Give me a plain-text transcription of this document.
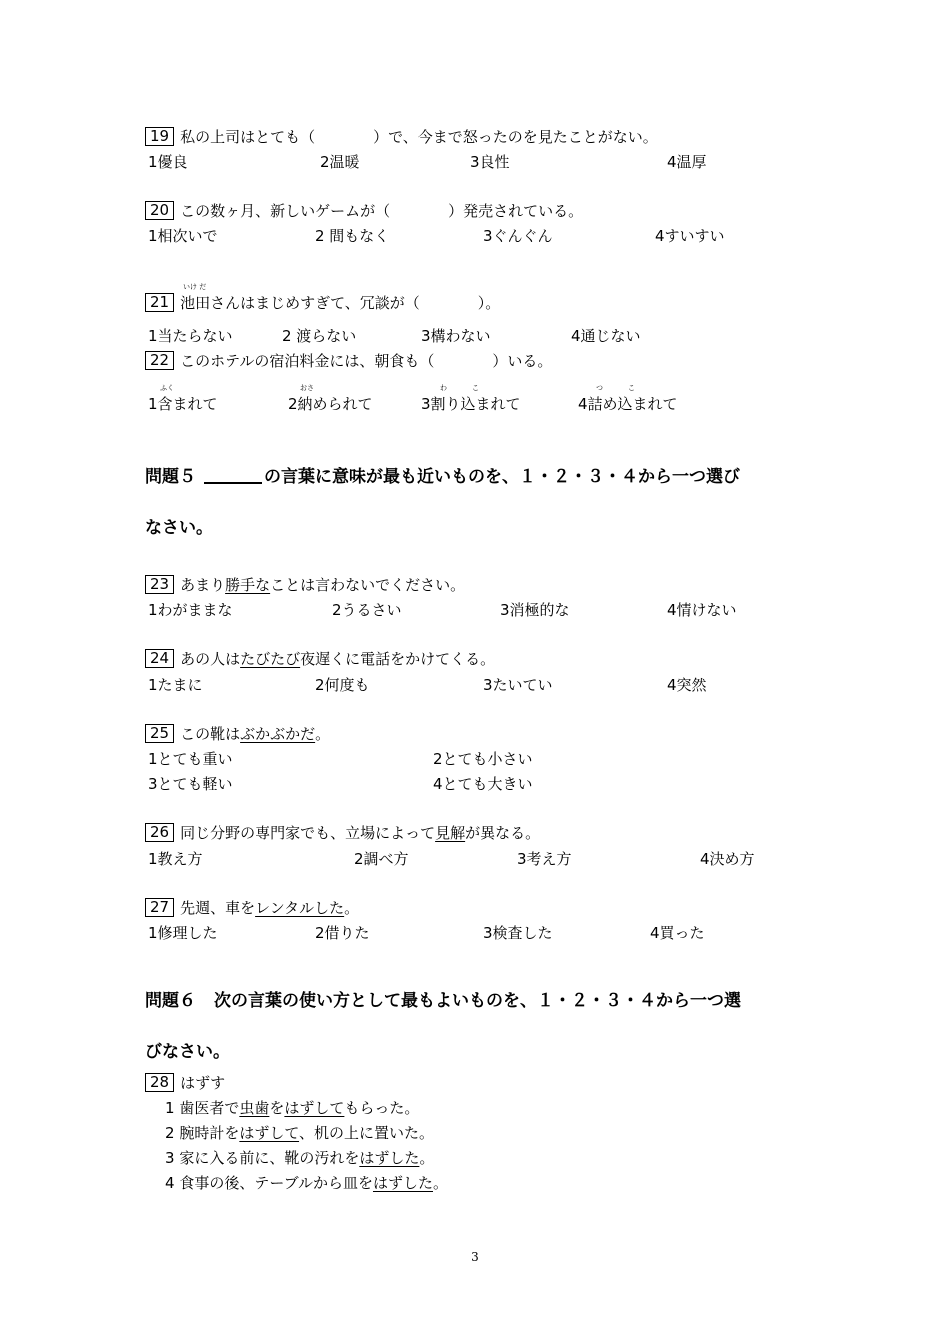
19 私の上司はとても（	）で、今まで怒ったのを見たことがない。
1優良	2温暖	3良性	4温厚
20 この数ヶ月、新しいゲームが（	）発売されている。
1相次いで	2 間もなく	3ぐんぐん	4すいすい
いけ だ
21 池田さんはまじめすぎて、冗談が（	）。
1当たらない	2 渡らない	3構わない	4通じない
22 このホテルの宿泊料金には、朝食も（	）いる。
ふく	おさ	わ	こ	つ	こ
1含まれて	2納められて	3割り込まれて	4詰め込まれて
問題５	の言葉に意味が最も近いものを、１・２・３・４から一つ選び
なさい。
23 あまり勝手なことは言わないでください。
1わがままな	2うるさい	3消極的な	4情けない
24 あの人はたびたび夜遅くに電話をかけてくる。
1たまに	2何度も	3たいてい	4突然
25 この靴はぶかぶかだ。
1とても重い	2とても小さい
3とても軽い	4とても大きい
26 同じ分野の専門家でも、立場によって見解が異なる。
1教え方	2調べ方	3考え方	4決め方
27 先週、車をレンタルした。
1修理した	2借りた	3検査した	4買った
問題６ 次の言葉の使い方として最もよいものを、１・２・３・４から一つ選
びなさい。
28 はずす
1 歯医者で虫歯をはずしてもらった。
2 腕時計をはずして、机の上に置いた。
3 家に入る前に、靴の汚れをはずした。
4 食事の後、テーブルから皿をはずした。
3
